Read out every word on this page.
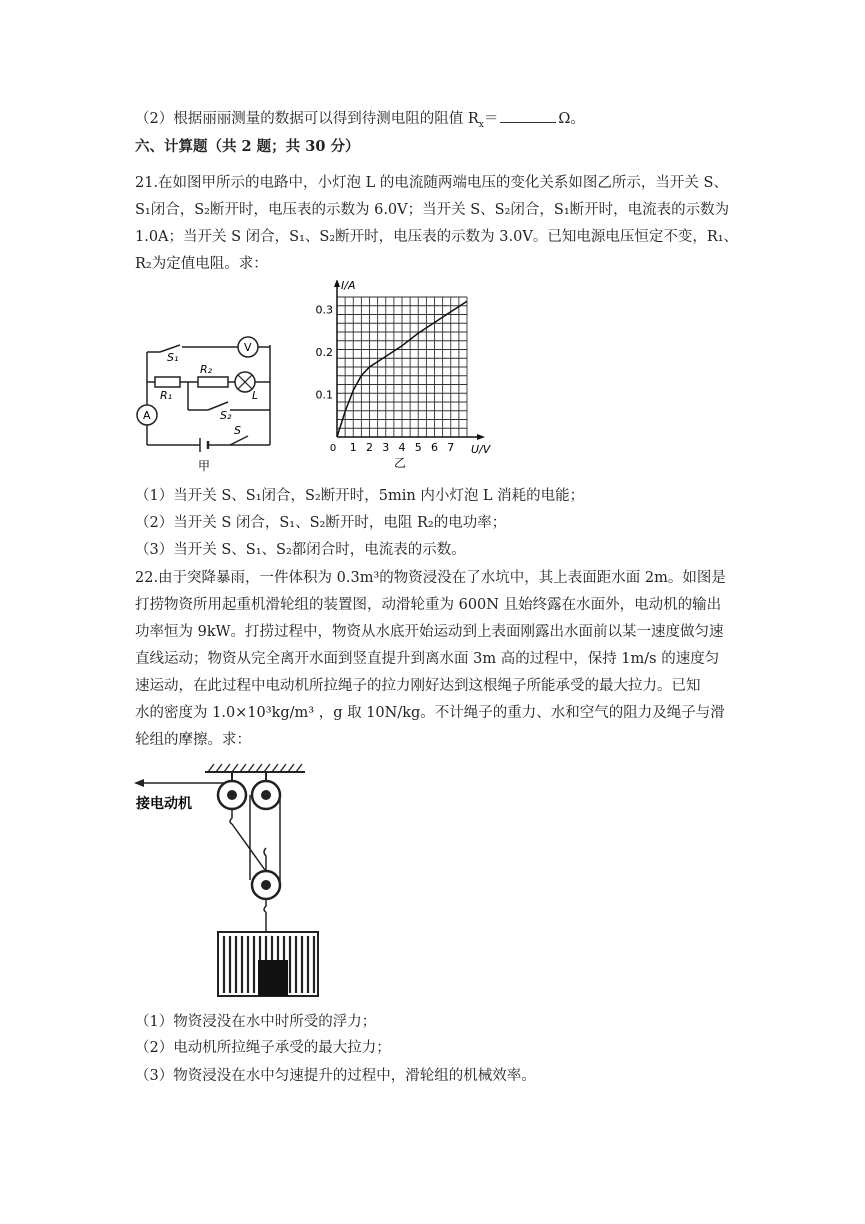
（2）根据丽丽测量的数据可以得到待测电阻的阻值 $R_x=$	Ω。
六、计算题（共 2 题；共 30 分）
21.在如图甲所示的电路中，小灯泡 L 的电流随两端电压的变化关系如图乙所示，当开关 S、
S₁闭合，S₂断开时，电压表的示数为 6.0V；当开关 S、S₂闭合，S₁断开时，电流表的示数为
1.0A；当开关 S 闭合，S₁、S₂断开时，电压表的示数为 3.0V。已知电源电压恒定不变，R₁、
R₂为定值电阻。求：
S₁
R₂
R₁
S₂
S
V
A
L
甲
1 2 3 4 5 6 7
0.1
0.2
0.3
I/A
U/V
0
乙
（1）当开关 S、S₁闭合，S₂断开时，5min 内小灯泡 L 消耗的电能；
（2）当开关 S 闭合，S₁、S₂断开时，电阻 R₂的电功率；
（3）当开关 S、S₁、S₂都闭合时，电流表的示数。
22.由于突降暴雨，一件体积为 0.3m³的物资浸没在了水坑中，其上表面距水面 2m。如图是
打捞物资所用起重机滑轮组的装置图，动滑轮重为 600N 且始终露在水面外，电动机的输出
功率恒为 9kW。打捞过程中，物资从水底开始运动到上表面刚露出水面前以某一速度做匀速
直线运动；物资从完全离开水面到竖直提升到离水面 3m 高的过程中，保持 1m/s 的速度匀
速运动，在此过程中电动机所拉绳子的拉力刚好达到这根绳子所能承受的最大拉力。已知
水的密度为 1.0×10³kg/m³ ，g 取 10N/kg。不计绳子的重力、水和空气的阻力及绳子与滑
轮组的摩擦。求：
接电动机
（1）物资浸没在水中时所受的浮力；
（2）电动机所拉绳子承受的最大拉力；
（3）物资浸没在水中匀速提升的过程中，滑轮组的机械效率。
